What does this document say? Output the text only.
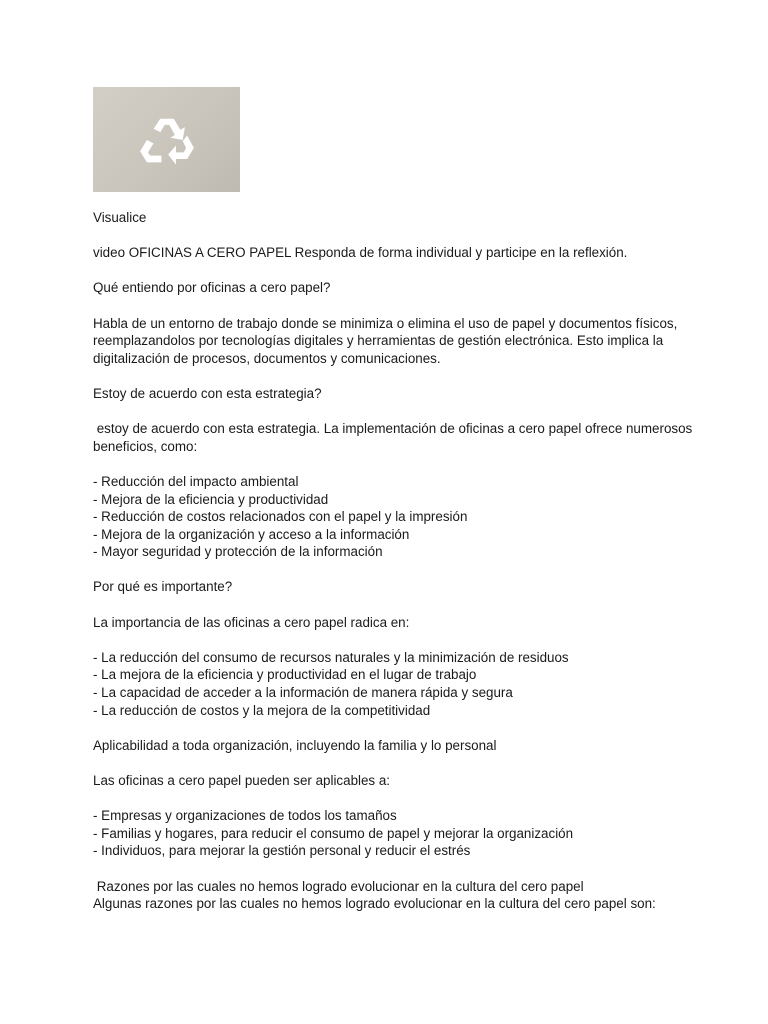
Visualice

video OFICINAS A CERO PAPEL Responda de forma individual y participe en la reflexión.

Qué entiendo por oficinas a cero papel?

Habla de un entorno de trabajo donde se minimiza o elimina el uso de papel y documentos físicos, reemplazandolos por tecnologías digitales y herramientas de gestión electrónica. Esto implica la digitalización de procesos, documentos y comunicaciones.

Estoy de acuerdo con esta estrategia?

estoy de acuerdo con esta estrategia. La implementación de oficinas a cero papel ofrece numerosos beneficios, como:

- Reducción del impacto ambiental
- Mejora de la eficiencia y productividad
- Reducción de costos relacionados con el papel y la impresión
- Mejora de la organización y acceso a la información
- Mayor seguridad y protección de la información

Por qué es importante?

La importancia de las oficinas a cero papel radica en:

- La reducción del consumo de recursos naturales y la minimización de residuos
- La mejora de la eficiencia y productividad en el lugar de trabajo
- La capacidad de acceder a la información de manera rápida y segura
- La reducción de costos y la mejora de la competitividad

Aplicabilidad a toda organización, incluyendo la familia y lo personal

Las oficinas a cero papel pueden ser aplicables a:

- Empresas y organizaciones de todos los tamaños
- Familias y hogares, para reducir el consumo de papel y mejorar la organización
- Individuos, para mejorar la gestión personal y reducir el estrés

Razones por las cuales no hemos logrado evolucionar en la cultura del cero papel

Algunas razones por las cuales no hemos logrado evolucionar en la cultura del cero papel son:
